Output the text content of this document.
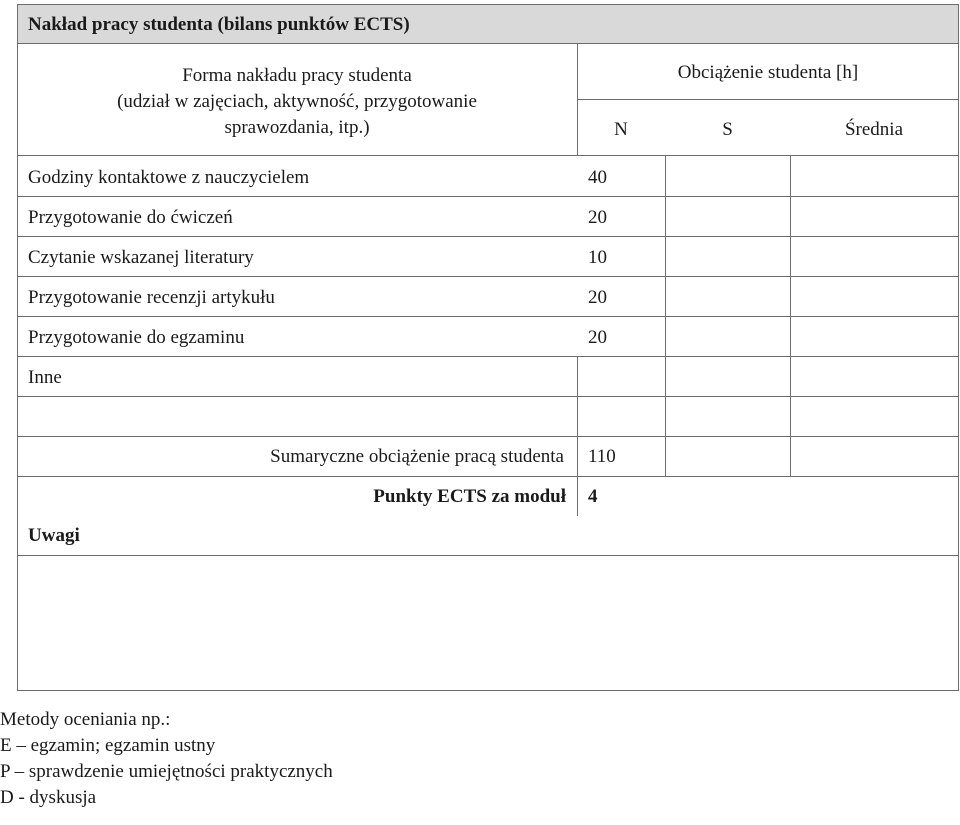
Nakład pracy studenta (bilans punktów ECTS)
Forma nakładu pracy studenta
(udział w zajęciach, aktywność, przygotowanie
sprawozdania, itp.)
Obciążenie studenta [h]
N	S	Średnia
Godziny kontaktowe z nauczycielem	40
Przygotowanie do ćwiczeń	20
Czytanie wskazanej literatury	10
Przygotowanie recenzji artykułu	20
Przygotowanie do egzaminu	20
Inne
Sumaryczne obciążenie pracą studenta 110
Punkty ECTS za moduł 4
Uwagi
Metody oceniania np.:
E – egzamin; egzamin ustny
P – sprawdzenie umiejętności praktycznych
D - dyskusja
